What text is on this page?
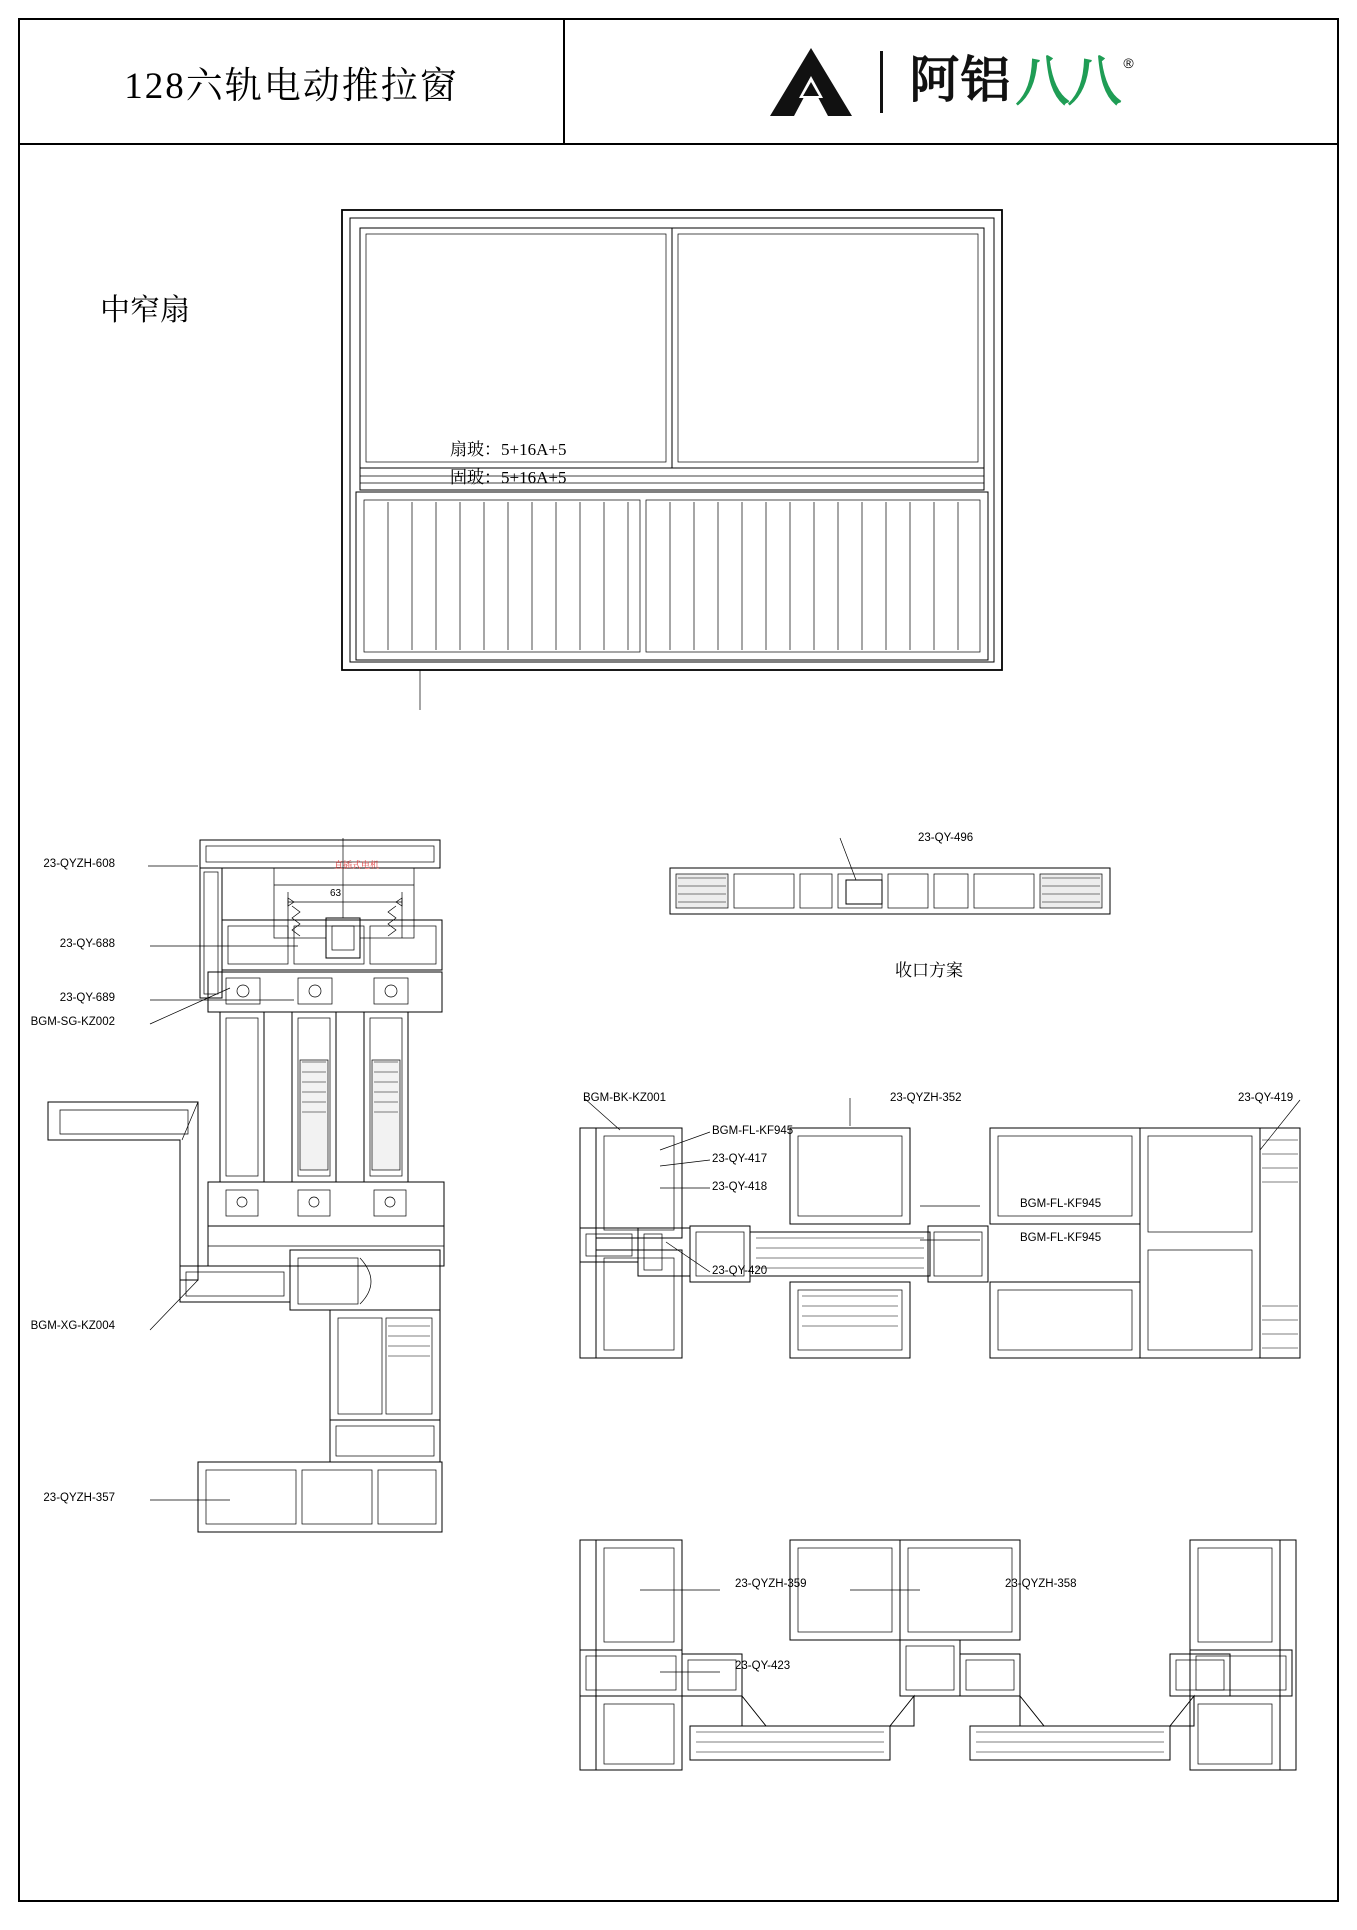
128六轨电动推拉窗	阿铝 八八 ®
中窄扇
扇玻：5+16A+5
固玻：5+16A+5
23-QYZH-608
23-QY-688
23-QY-689
BGM-SG-KZ002
BGM-XG-KZ004
23-QYZH-357
直插式电机
63
23-QY-496
收口方案
BGM-BK-KZ001
BGM-FL-KF945
23-QY-417
23-QY-418
23-QY-420
23-QYZH-352
BGM-FL-KF945
BGM-FL-KF945
23-QY-419
23-QYZH-359
23-QY-423
23-QYZH-358
